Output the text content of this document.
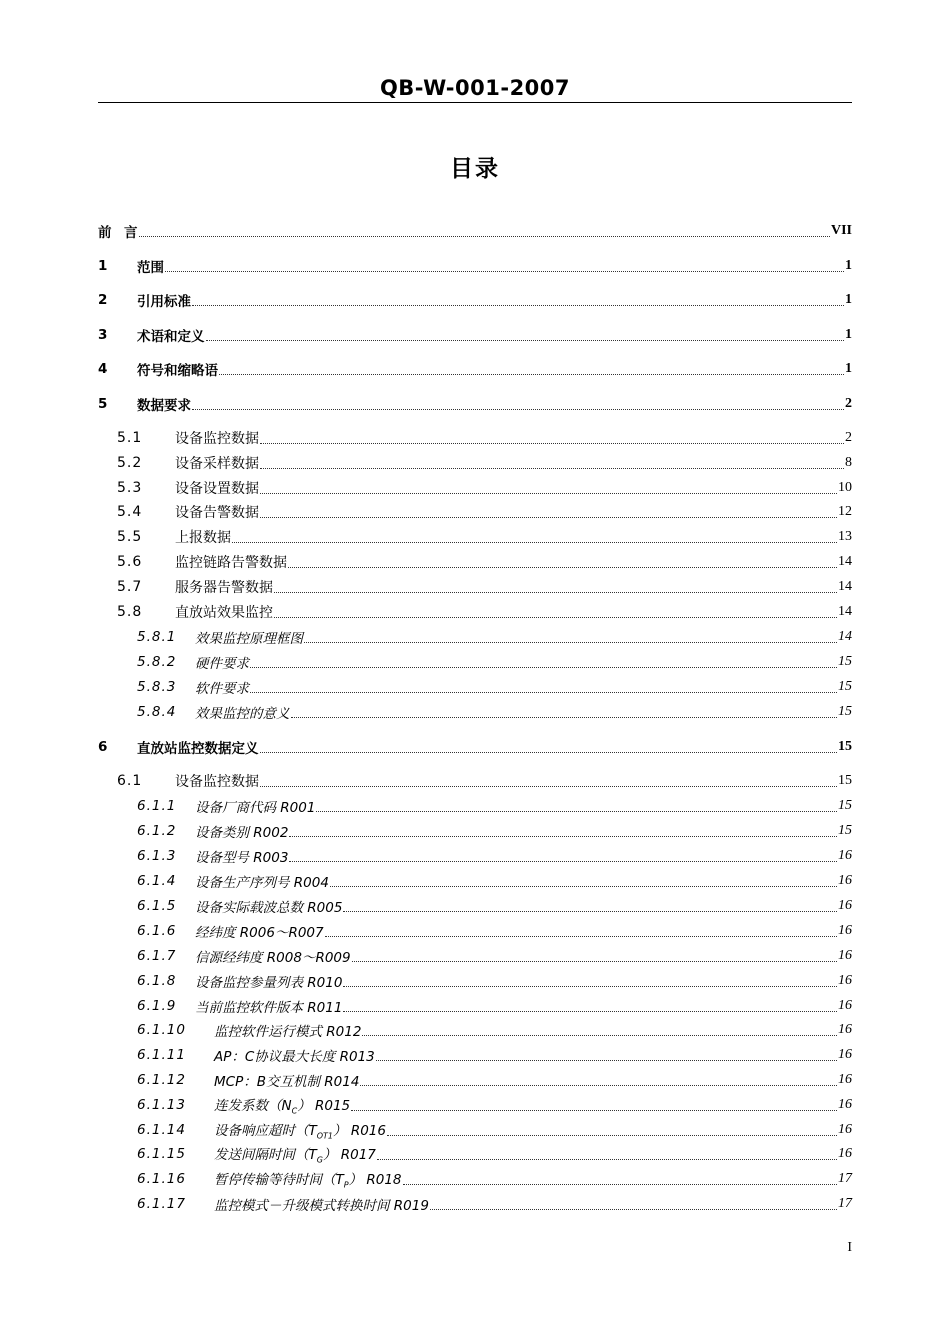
QB-W-001-2007
目录
前 言	VII
1	范围	1
2	引用标准	1
3	术语和定义	1
4	符号和缩略语	1
5	数据要求	2
5.1	设备监控数据	2
5.2	设备采样数据	8
5.3	设备设置数据	10
5.4	设备告警数据	12
5.5	上报数据	13
5.6	监控链路告警数据	14
5.7	服务器告警数据	14
5.8	直放站效果监控	14
5.8.1	效果监控原理框图	14
5.8.2	硬件要求	15
5.8.3	软件要求	15
5.8.4	效果监控的意义	15
6	直放站监控数据定义	15
6.1	设备监控数据	15
6.1.1	设备厂商代码 R001	15
6.1.2	设备类别 R002	15
6.1.3	设备型号 R003	16
6.1.4	设备生产序列号 R004	16
6.1.5	设备实际载波总数 R005	16
6.1.6	经纬度 R006～R007	16
6.1.7	信源经纬度 R008～R009	16
6.1.8	设备监控参量列表 R010	16
6.1.9	当前监控软件版本 R011	16
6.1.10	监控软件运行模式 R012	16
6.1.11	AP：C协议最大长度 R013	16
6.1.12	MCP：B交互机制 R014	16
6.1.13	连发系数$(N_C)$ R015	16
6.1.14	设备响应超时$(T_{OT1})$ R016	16
6.1.15	发送间隔时间$(T_G)$ R017	16
6.1.16	暂停传输等待时间$(T_P)$ R018	17
6.1.17	监控模式－升级模式转换时间 R019	17
I
